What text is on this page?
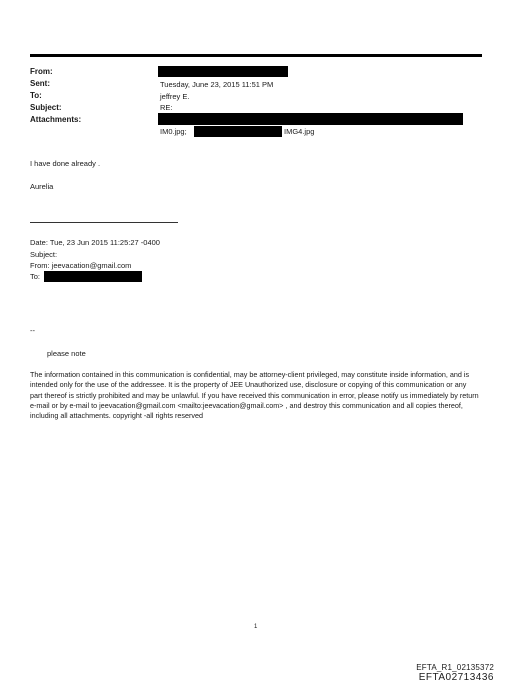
From:
Sent:
To:
Subject:
Attachments:
Tuesday, June 23, 2015 11:51 PM
jeffrey E.
RE:
IM0.jpg;	IMG4.jpg
I have done already .
Aurelia
Date: Tue, 23 Jun 2015 11:25:27 -0400
Subject:
From: jeevacation@gmail.com
To:
--
please note
The information contained in this communication is confidential, may be attorney-client privileged, may constitute inside information, and is intended only for the use of the addressee. It is the property of JEE Unauthorized use, disclosure or copying of this communication or any part thereof is strictly prohibited and may be unlawful. If you have received this communication in error, please notify us immediately by return e-mail or by e-mail to jeevacation@gmail.com <mailto:jeevacation@gmail.com> , and destroy this communication and all copies thereof, including all attachments. copyright -all rights reserved
1
EFTA_R1_02135372
EFTA02713436
